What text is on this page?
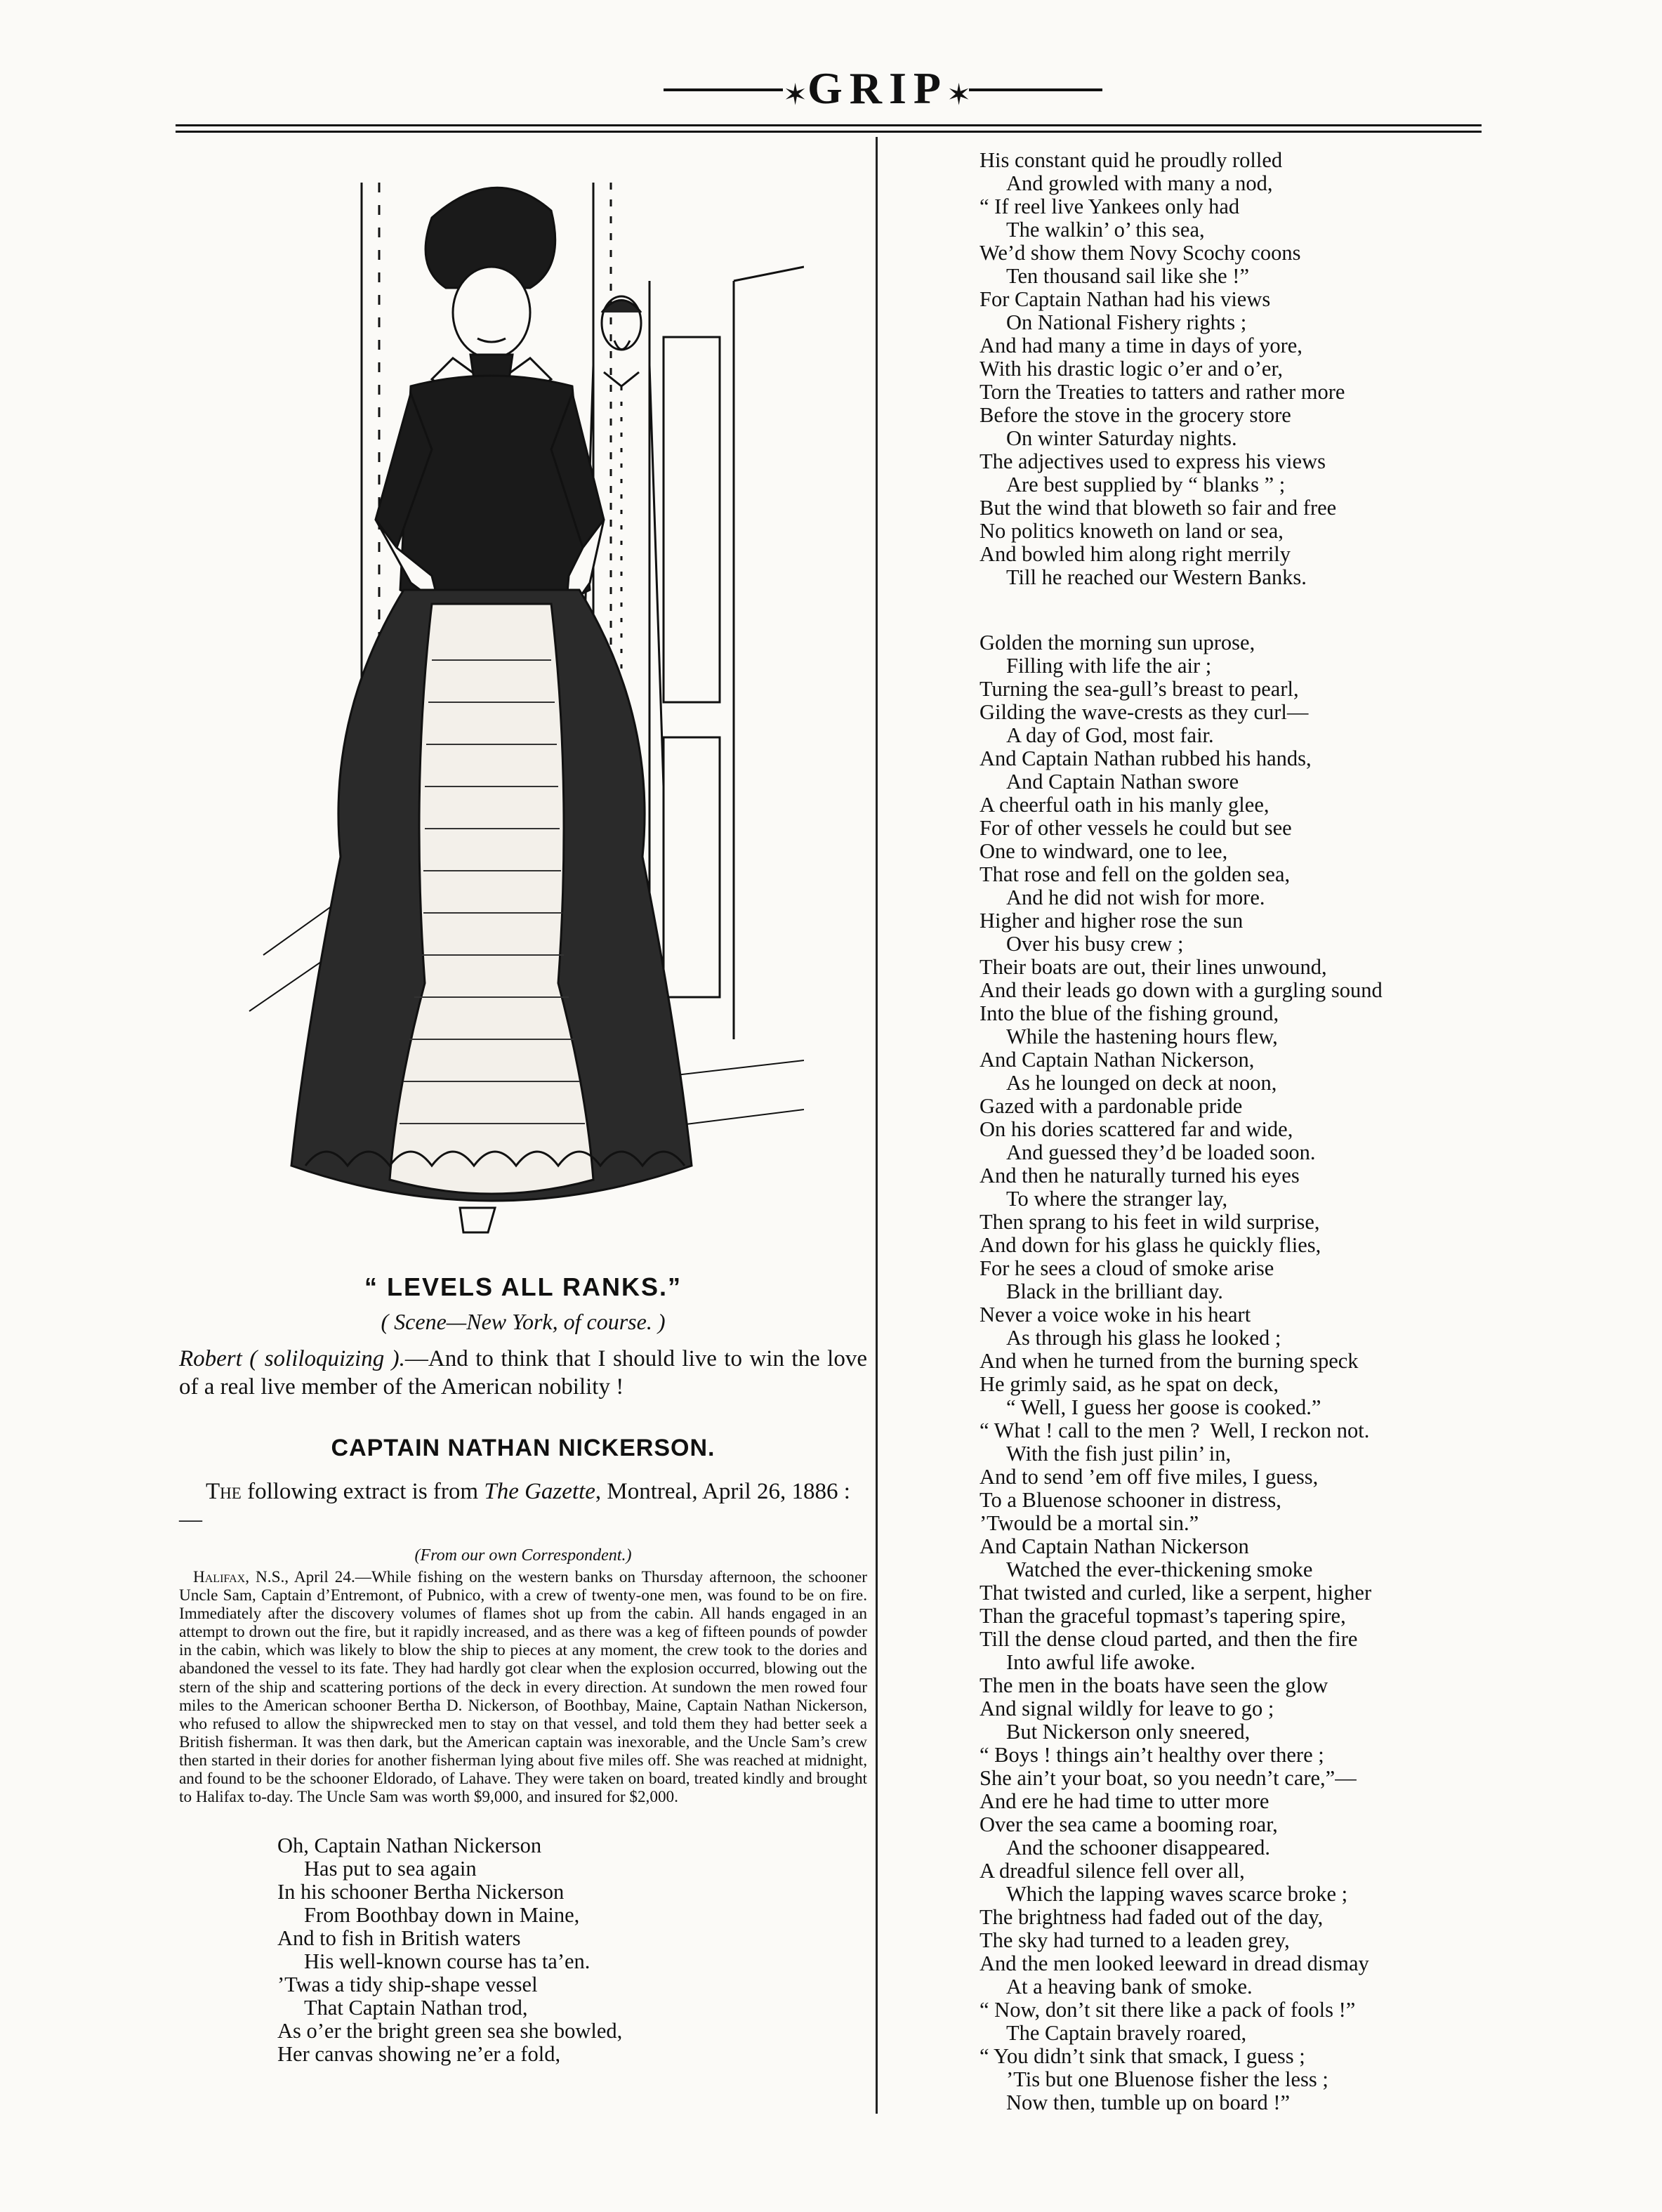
✶ GRIP
✶

“ LEVELS ALL RANKS.”

( Scene—New York, of course. )

Robert ( soliloquizing ).—And to think that I should live to win the love of a real live member of the American nobility !

CAPTAIN NATHAN NICKERSON.

The following extract is from The Gazette, Montreal, April 26, 1886 :—

(From our own Correspondent.)

Halifax, N.S., April 24.—While fishing on the western banks on Thursday afternoon, the schooner Uncle Sam, Captain d’Entremont, of Pubnico, with a crew of twenty-one men, was found to be on fire. Immediately after the discovery volumes of flames shot up from the cabin. All hands engaged in an attempt to drown out the fire, but it rapidly increased, and as there was a keg of fifteen pounds of powder in the cabin, which was likely to blow the ship to pieces at any moment, the crew took to the dories and abandoned the vessel to its fate. They had hardly got clear when the explosion occurred, blowing out the stern of the ship and scattering portions of the deck in every direction. At sundown the men rowed four miles to the American schooner Bertha D. Nickerson, of Boothbay, Maine, Captain Nathan Nickerson, who refused to allow the shipwrecked men to stay on that vessel, and told them they had better seek a British fisherman. It was then dark, but the American captain was inexorable, and the Uncle Sam’s crew then started in their dories for another fisherman lying about five miles off. She was reached at midnight, and found to be the schooner Eldorado, of Lahave. They were taken on board, treated kindly and brought to Halifax to-day. The Uncle Sam was worth $9,000, and insured for $2,000.

Oh, Captain Nathan Nickerson
Has put to sea again
In his schooner Bertha Nickerson
From Boothbay down in Maine,
And to fish in British waters
His well-known course has ta’en.
’Twas a tidy ship-shape vessel
That Captain Nathan trod,
As o’er the bright green sea she bowled,
Her canvas showing ne’er a fold,
His constant quid he proudly rolled
And growled with many a nod,
“ If reel live Yankees only had
The walkin’ o’ this sea,
We’d show them Novy Scochy coons
Ten thousand sail like she !”
For Captain Nathan had his views
On National Fishery rights ;
And had many a time in days of yore,
With his drastic logic o’er and o’er,
Torn the Treaties to tatters and rather more
Before the stove in the grocery store
On winter Saturday nights.
The adjectives used to express his views
Are best supplied by “ blanks ” ;
But the wind that bloweth so fair and free
No politics knoweth on land or sea,
And bowled him along right merrily
Till he reached our Western Banks.
Golden the morning sun uprose,
Filling with life the air ;
Turning the sea-gull’s breast to pearl,
Gilding the wave-crests as they curl—
A day of God, most fair.
And Captain Nathan rubbed his hands,
And Captain Nathan swore
A cheerful oath in his manly glee,
For of other vessels he could but see
One to windward, one to lee,
That rose and fell on the golden sea,
And he did not wish for more.
Higher and higher rose the sun
Over his busy crew ;
Their boats are out, their lines unwound,
And their leads go down with a gurgling sound
Into the blue of the fishing ground,
While the hastening hours flew,
And Captain Nathan Nickerson,
As he lounged on deck at noon,
Gazed with a pardonable pride
On his dories scattered far and wide,
And guessed they’d be loaded soon.
And then he naturally turned his eyes
To where the stranger lay,
Then sprang to his feet in wild surprise,
And down for his glass he quickly flies,
For he sees a cloud of smoke arise
Black in the brilliant day.
Never a voice woke in his heart
As through his glass he looked ;
And when he turned from the burning speck
He grimly said, as he spat on deck,
“ Well, I guess her goose is cooked.”
“ What ! call to the men ?  Well, I reckon not.
With the fish just pilin’ in,
And to send ’em off five miles, I guess,
To a Bluenose schooner in distress,
’Twould be a mortal sin.”
And Captain Nathan Nickerson
Watched the ever-thickening smoke
That twisted and curled, like a serpent, higher
Than the graceful topmast’s tapering spire,
Till the dense cloud parted, and then the fire
Into awful life awoke.
The men in the boats have seen the glow
And signal wildly for leave to go ;
But Nickerson only sneered,
“ Boys ! things ain’t healthy over there ;
She ain’t your boat, so you needn’t care,”—
And ere he had time to utter more
Over the sea came a booming roar,
And the schooner disappeared.
A dreadful silence fell over all,
Which the lapping waves scarce broke ;
The brightness had faded out of the day,
The sky had turned to a leaden grey,
And the men looked leeward in dread dismay
At a heaving bank of smoke.
“ Now, don’t sit there like a pack of fools !”
The Captain bravely roared,
“ You didn’t sink that smack, I guess ;
’Tis but one Bluenose fisher the less ;
Now then, tumble up on board !”
